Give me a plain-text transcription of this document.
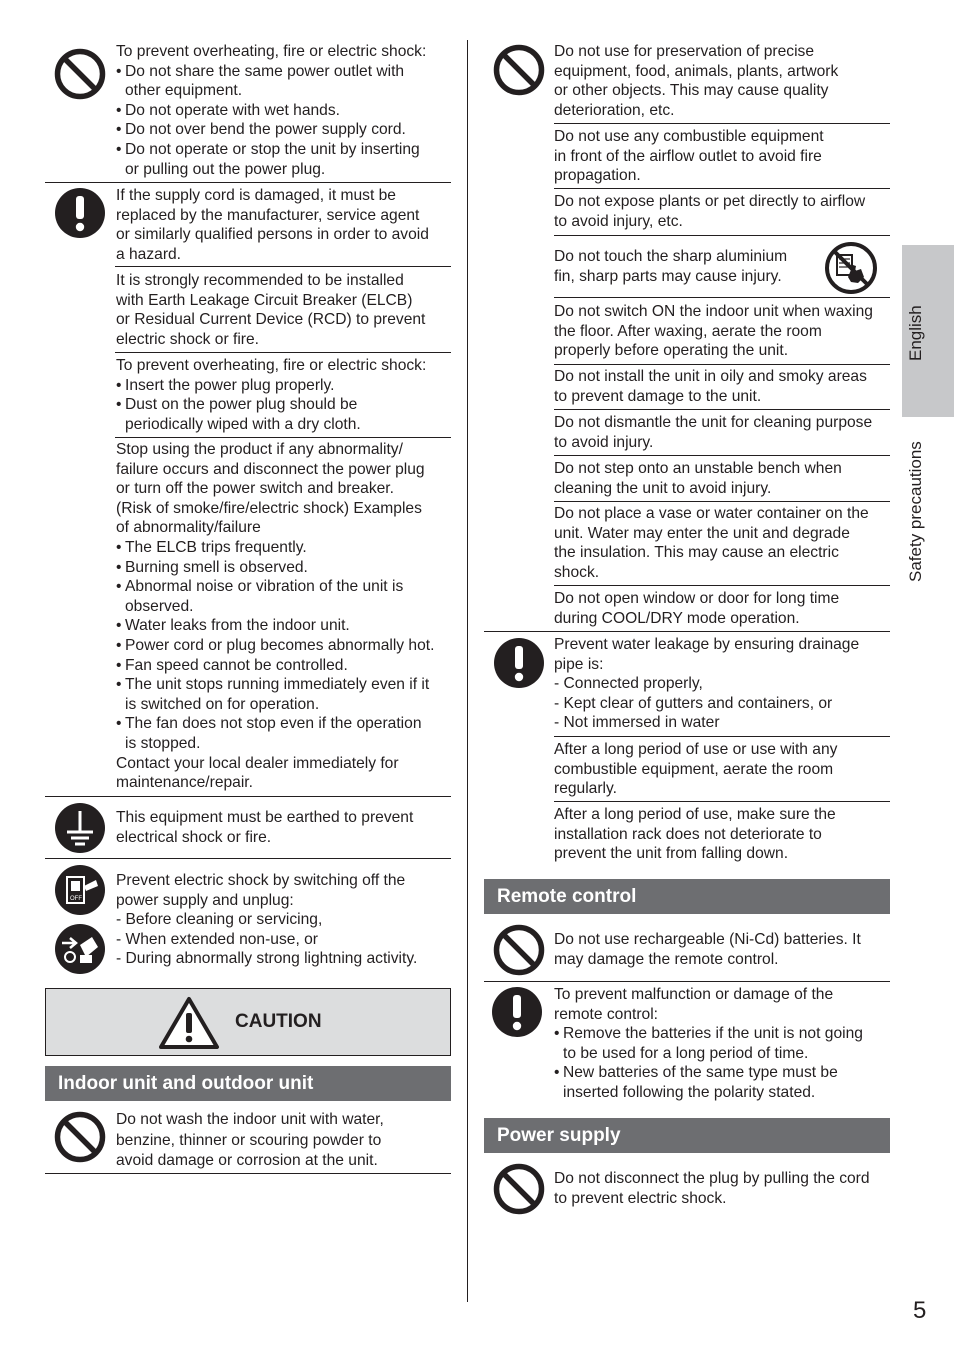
To prevent overheating, fire or electric shock:
• Do not share the same power outlet with
other equipment.
• Do not operate with wet hands.
• Do not over bend the power supply cord.
• Do not operate or stop the unit by inserting
or pulling out the power plug.
If the supply cord is damaged, it must be
replaced by the manufacturer, service agent
or similarly qualified persons in order to avoid
a hazard.
It is strongly recommended to be installed
with Earth Leakage Circuit Breaker (ELCB)
or Residual Current Device (RCD) to prevent
electric shock or fire.
To prevent overheating, fire or electric shock:
• Insert the power plug properly.
• Dust on the power plug should be
periodically wiped with a dry cloth.
Stop using the product if any abnormality/
failure occurs and disconnect the power plug
or turn off the power switch and breaker.
(Risk of smoke/fire/electric shock) Examples
of abnormality/failure
• The ELCB trips frequently.
• Burning smell is observed.
• Abnormal noise or vibration of the unit is
observed.
• Water leaks from the indoor unit.
• Power cord or plug becomes abnormally hot.
• Fan speed cannot be controlled.
• The unit stops running immediately even if it
is switched on for operation.
• The fan does not stop even if the operation
is stopped.
Contact your local dealer immediately for
maintenance/repair.
This equipment must be earthed to prevent
electrical shock or fire.
OFF
Prevent electric shock by switching off the
power supply and unplug:
- Before cleaning or servicing,
- When extended non-use, or
- During abnormally strong lightning activity.
CAUTION
Indoor unit and outdoor unit
Do not wash the indoor unit with water,
benzine, thinner or scouring powder to
avoid damage or corrosion at the unit.
Do not use for preservation of precise
equipment, food, animals, plants, artwork
or other objects. This may cause quality
deterioration, etc.
Do not use any combustible equipment
in front of the airflow outlet to avoid fire
propagation.
Do not expose plants or pet directly to airflow
to avoid injury, etc.
Do not touch the sharp aluminium
fin, sharp parts may cause injury.
Do not switch ON the indoor unit when waxing
the floor. After waxing, aerate the room
properly before operating the unit.
Do not install the unit in oily and smoky areas
to prevent damage to the unit.
Do not dismantle the unit for cleaning purpose
to avoid injury.
Do not step onto an unstable bench when
cleaning the unit to avoid injury.
Do not place a vase or water container on the
unit. Water may enter the unit and degrade
the insulation. This may cause an electric
shock.
Do not open window or door for long time
during COOL/DRY mode operation.
Prevent water leakage by ensuring drainage
pipe is:
- Connected properly,
- Kept clear of gutters and containers, or
- Not immersed in water
After a long period of use or use with any
combustible equipment, aerate the room
regularly.
After a long period of use, make sure the
installation rack does not deteriorate to
prevent the unit from falling down.
Remote control
Do not use rechargeable (Ni-Cd) batteries. It
may damage the remote control.
To prevent malfunction or damage of the
remote control:
• Remove the batteries if the unit is not going
to be used for a long period of time.
• New batteries of the same type must be
inserted following the polarity stated.
Power supply
Do not disconnect the plug by pulling the cord
to prevent electric shock.
English
Safety precautions
5
